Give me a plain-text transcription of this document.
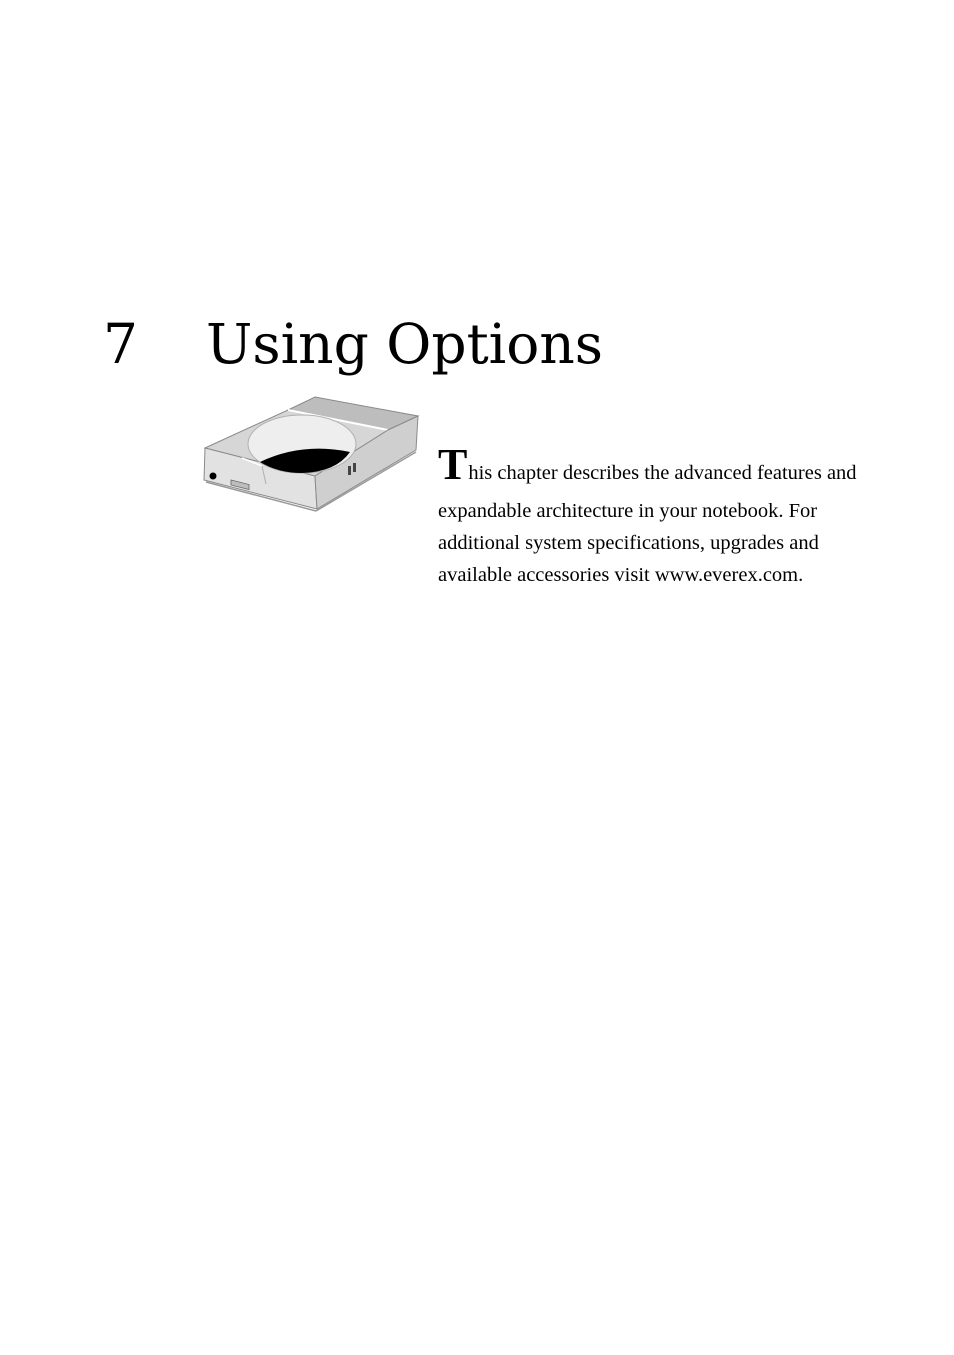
7 Using Options
This chapter describes the advanced features and
expandable architecture in your notebook. For
additional system specifications, upgrades and
available accessories visit www.everex.com.
